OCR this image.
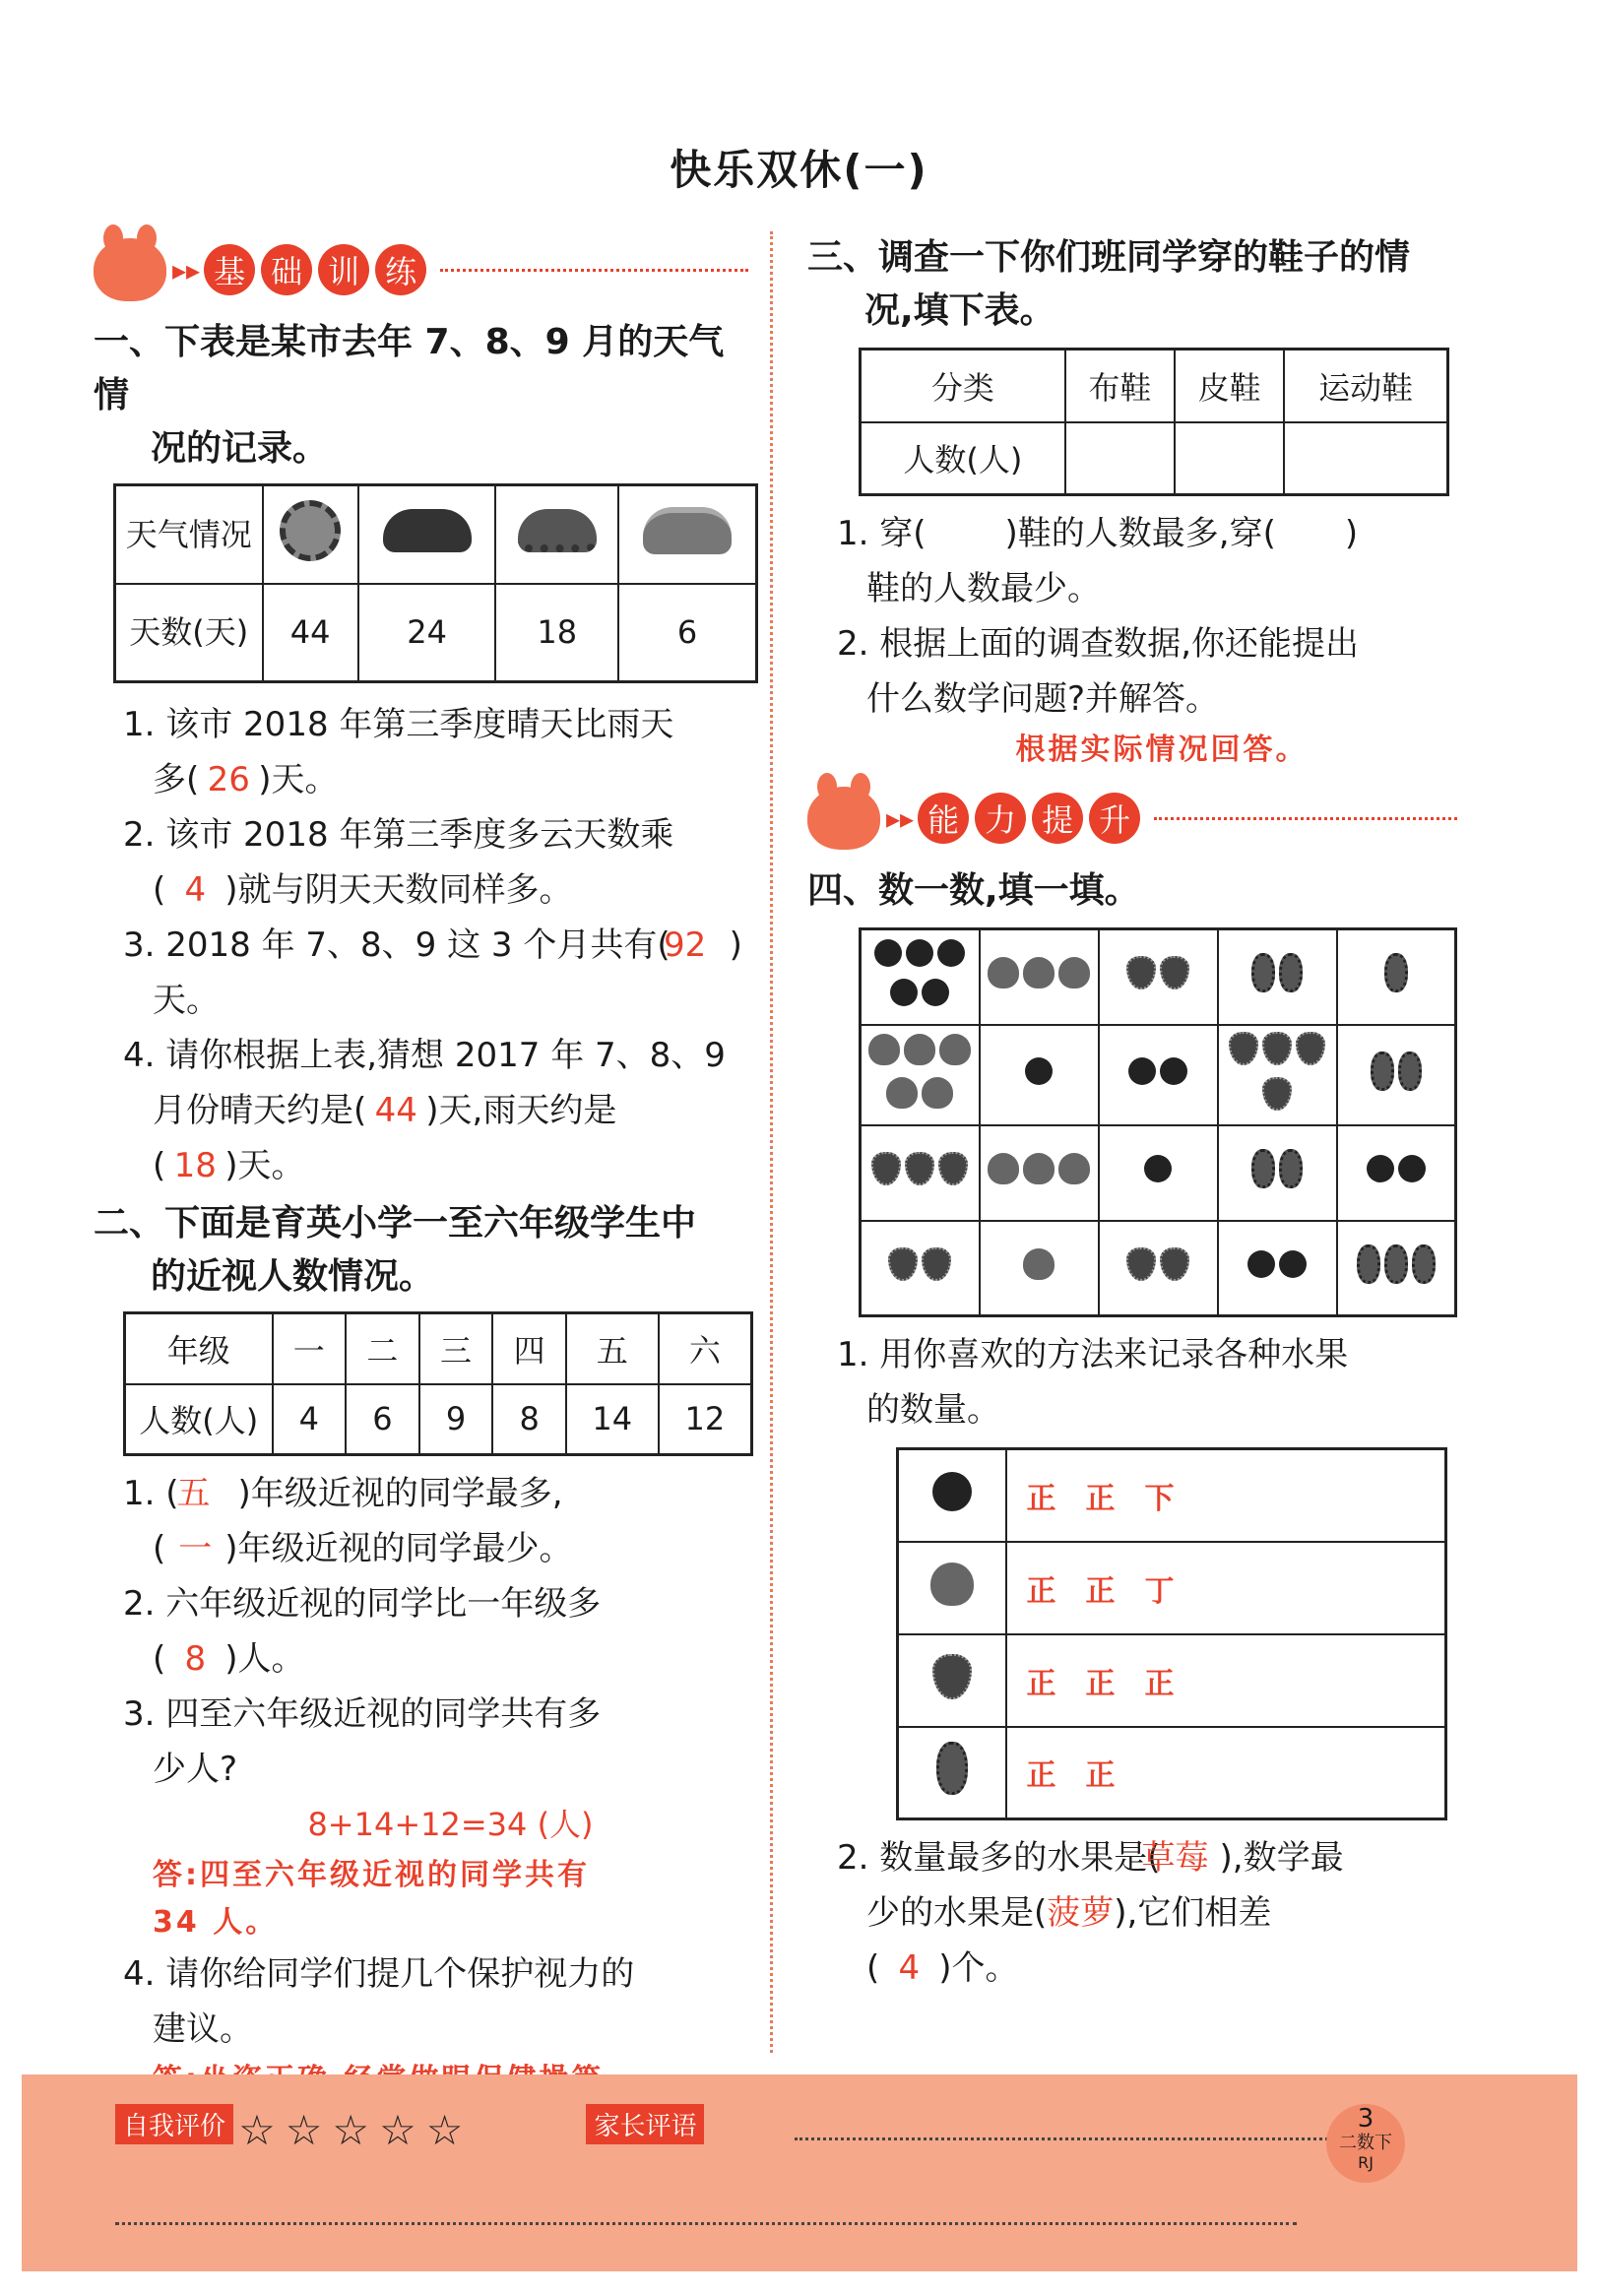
快乐双休(一)
▸▸ 基 础 训 练
一、下表是某市去年 7、8、9 月的天气情
况的记录。
天气情况				
天数(天)	44	24	18	6
1. 该市 2018 年第三季度晴天比雨天
多( 26 )天。
2. 该市 2018 年第三季度多云天数乘
( 4 )就与阴天天数同样多。
3. 2018 年 7、8、9 这 3 个月共有(92 )
天。
4. 请你根据上表,猜想 2017 年 7、8、9
月份晴天约是( 44 )天,雨天约是
( 18 )天。
二、下面是育英小学一至六年级学生中
的近视人数情况。
年级	一	二	三	四	五	六
人数(人)	4	6	9	8	14	12
1. (五 )年级近视的同学最多,
( 一 )年级近视的同学最少。
2. 六年级近视的同学比一年级多
( 8 )人。
3. 四至六年级近视的同学共有多
少人?
8+14+12=34 (人)
答:四至六年级近视的同学共有
34 人。
4. 请你给同学们提几个保护视力的
建议。
三、调查一下你们班同学穿的鞋子的情
况,填下表。
分类	布鞋	皮鞋	运动鞋
人数(人)			
1. 穿( )鞋的人数最多,穿( )
鞋的人数最少。
2. 根据上面的调查数据,你还能提出
什么数学问题?并解答。
根据实际情况回答。
▸▸ 能 力 提 升
四、数一数,填一填。

1. 用你喜欢的方法来记录各种水果
的数量。
	正正下
	正正丁
	正正正
	正正
2. 数量最多的水果是(草莓 ),数学最
少的水果是(菠萝),它们相差
( 4 )个。
自我评价 ☆☆☆☆☆	家长评语	3
二数下
RJ
